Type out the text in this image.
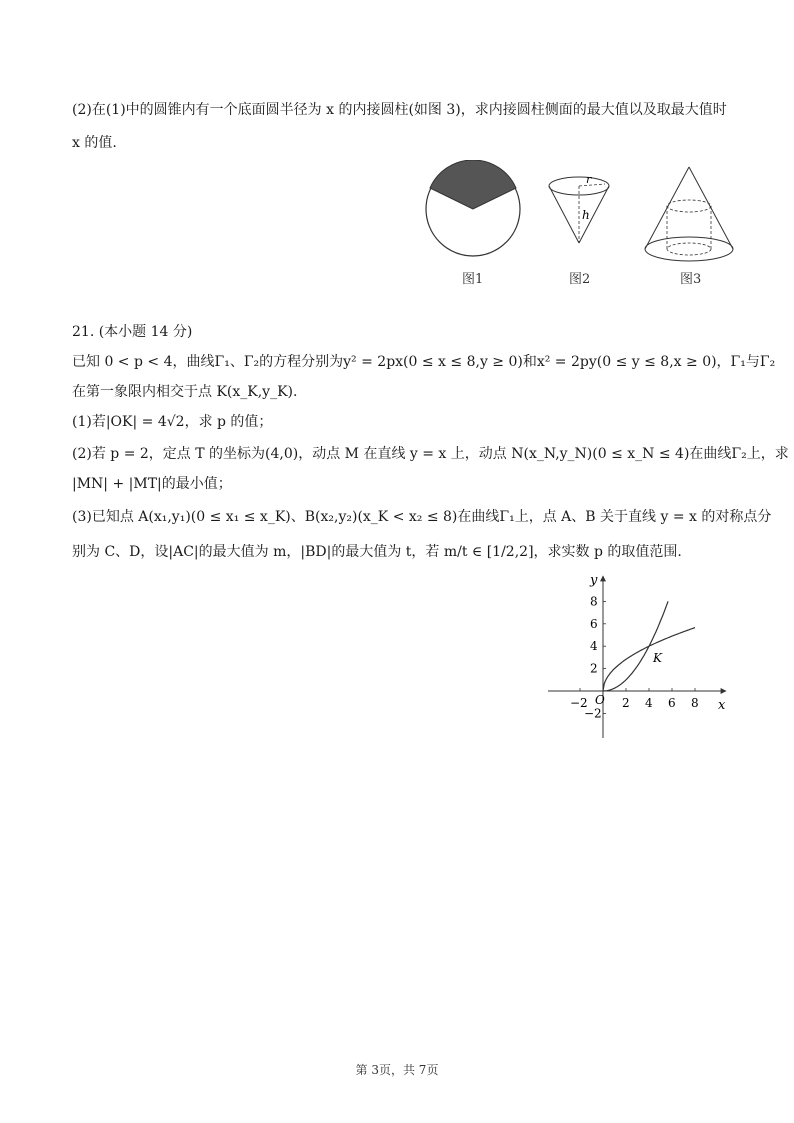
(2)在(1)中的圆锥内有一个底面圆半径为 x 的内接圆柱(如图 3)，求内接圆柱侧面的最大值以及取最大值时
x 的值.
图1
r
h
图2	图3
21. (本小题 14 分)
已知 0 < p < 4，曲线Γ₁、Γ₂的方程分别为y² = 2px(0 ≤ x ≤ 8,y ≥ 0)和x² = 2py(0 ≤ y ≤ 8,x ≥ 0)，Γ₁与Γ₂
在第一象限内相交于点 K(x_K,y_K).
(1)若|OK| = 4√2，求 p 的值；
(2)若 p = 2，定点 T 的坐标为(4,0)，动点 M 在直线 y = x 上，动点 N(x_N,y_N)(0 ≤ x_N ≤ 4)在曲线Γ₂上，求
|MN| + |MT|的最小值；
(3)已知点 A(x₁,y₁)(0 ≤ x₁ ≤ x_K)、B(x₂,y₂)(x_K < x₂ ≤ 8)在曲线Γ₁上，点 A、B 关于直线 y = x 的对称点分
别为 C、D，设|AC|的最大值为 m，|BD|的最大值为 t，若 m/t ∈ [1/2,2]，求实数 p 的取值范围.
y
x
O
−2	2 4 6 8
8
6
4
2
−2
K
第 3页，共 7页
